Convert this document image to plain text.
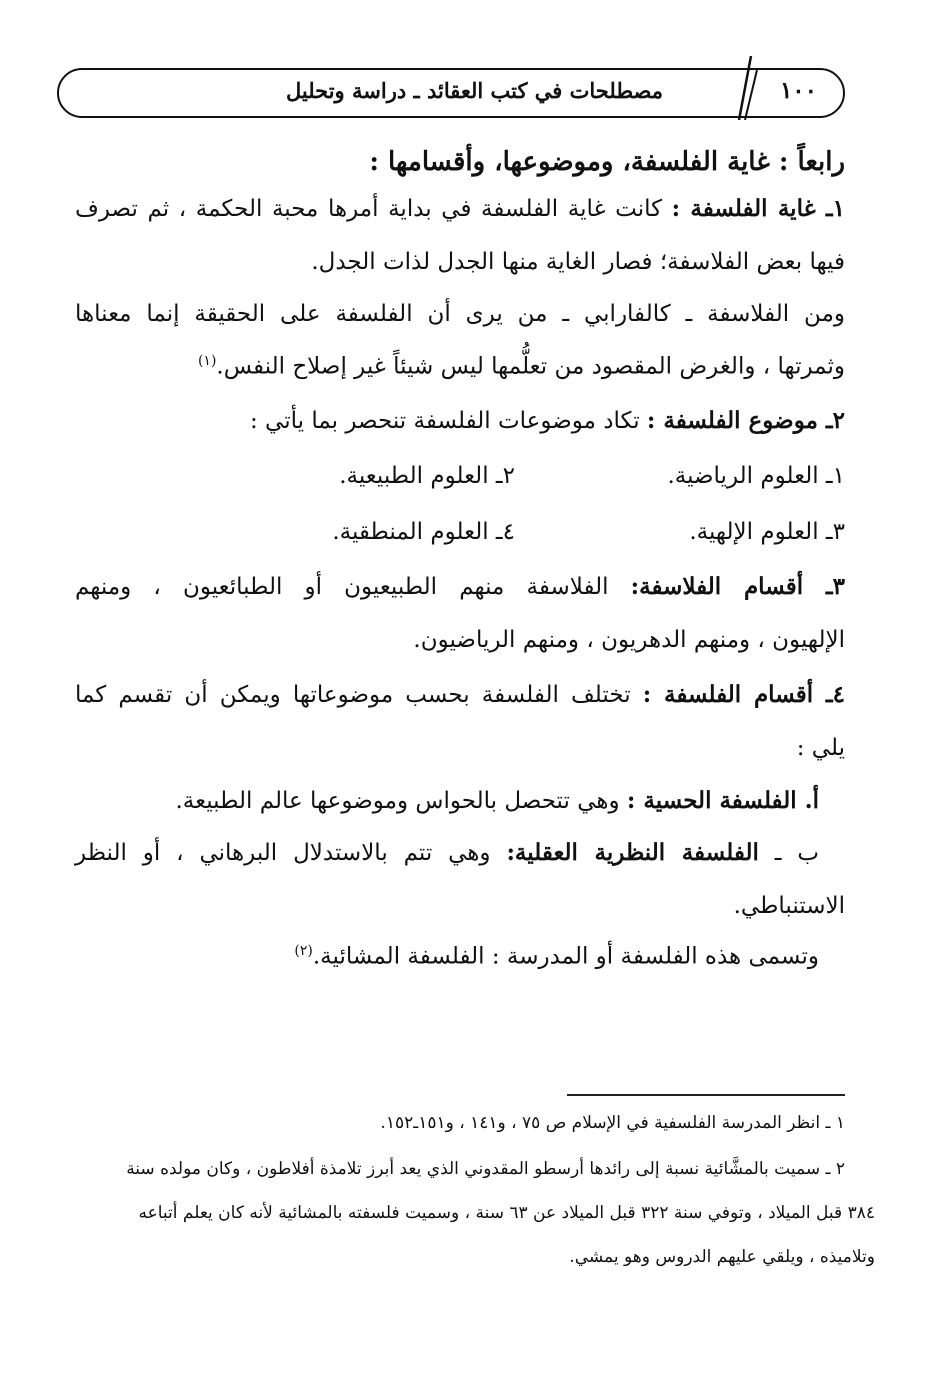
١٠٠
مصطلحات في كتب العقائد ـ دراسة وتحليل
رابعاً : غاية الفلسفة، وموضوعها، وأقسامها :
١ـ غاية الفلسفة : كانت غاية الفلسفة في بداية أمرها محبة الحكمة ، ثم تصرف
فيها بعض الفلاسفة؛ فصار الغاية منها الجدل لذات الجدل.
ومن الفلاسفة ـ كالفارابي ـ من يرى أن الفلسفة على الحقيقة إنما معناها
وثمرتها ، والغرض المقصود من تعلُّمها ليس شيئاً غير إصلاح النفس.$^{(١)}$
٢ـ موضوع الفلسفة : تكاد موضوعات الفلسفة تنحصر بما يأتي :
١ـ العلوم الرياضية.
٢ـ العلوم الطبيعية.
٣ـ العلوم الإلهية.
٤ـ العلوم المنطقية.
٣ـ أقسام الفلاسفة: الفلاسفة منهم الطبيعيون أو الطبائعيون ، ومنهم
الإلهيون ، ومنهم الدهريون ، ومنهم الرياضيون.
٤ـ أقسام الفلسفة : تختلف الفلسفة بحسب موضوعاتها ويمكن أن تقسم كما
يلي :
أ. الفلسفة الحسية : وهي تتحصل بالحواس وموضوعها عالم الطبيعة.
ب ـ الفلسفة النظرية العقلية: وهي تتم بالاستدلال البرهاني ، أو النظر
الاستنباطي.
وتسمى هذه الفلسفة أو المدرسة : الفلسفة المشائية.$^{(٢)}$
١ ـ انظر المدرسة الفلسفية في الإسلام ص ٧٥ ، و١٤١ ، و١٥١ـ١٥٢.
٢ ـ سميت بالمشَّائية نسبة إلى رائدها أرسطو المقدوني الذي يعد أبرز تلامذة أفلاطون ، وكان مولده سنة
٣٨٤ قبل الميلاد ، وتوفي سنة ٣٢٢ قبل الميلاد عن ٦٣ سنة ، وسميت فلسفته بالمشائية لأنه كان يعلم أتباعه
وتلاميذه ، ويلقي عليهم الدروس وهو يمشي.
